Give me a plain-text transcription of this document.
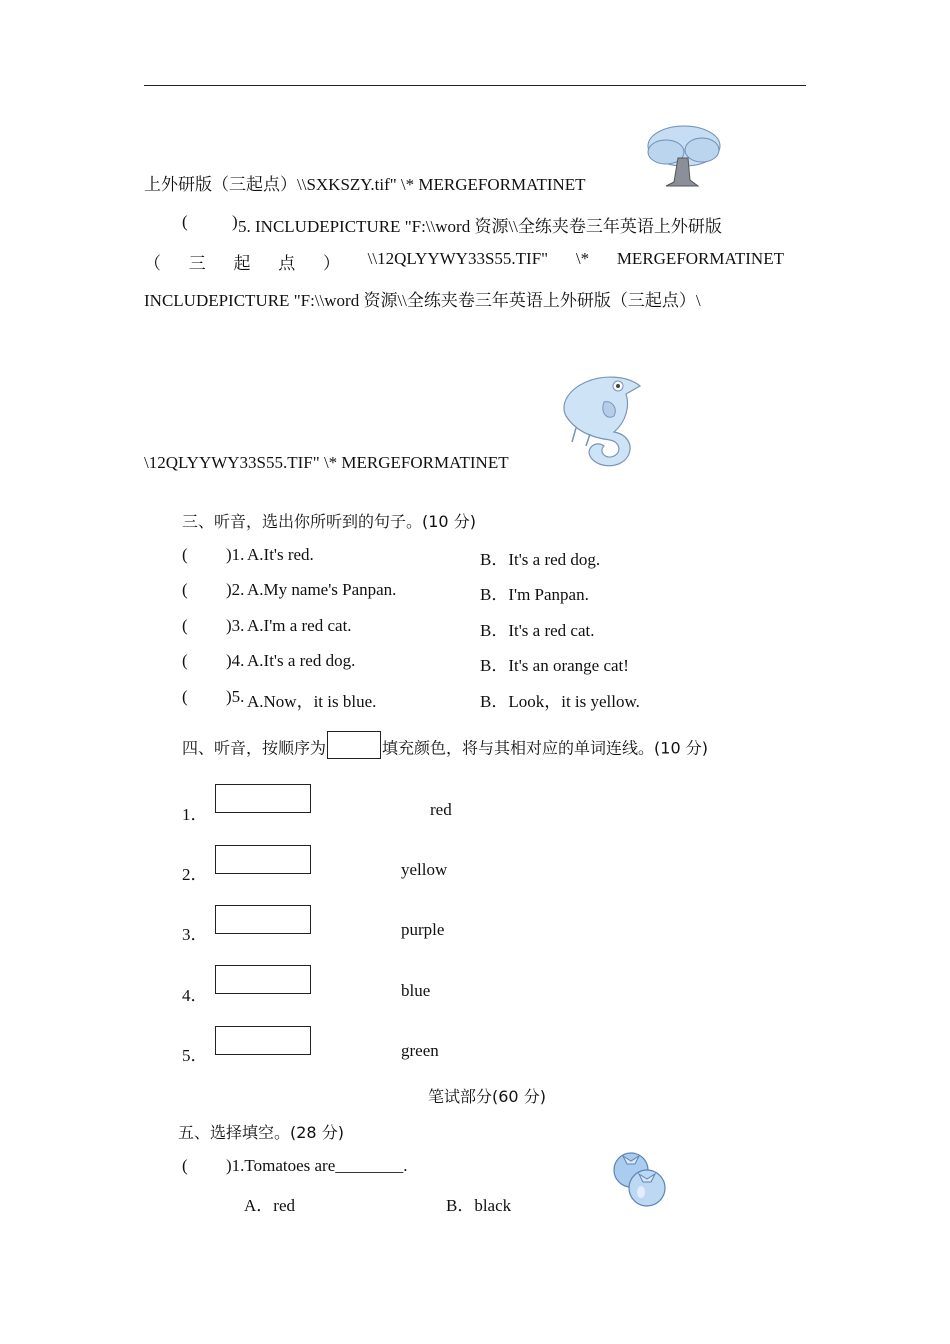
上外研版（三起点）\\SXKSZY.tif" \* MERGEFORMATINET
(	) 5. INCLUDEPICTURE "F:\\word 资源\\全练夹卷三年英语上外研版
（ 三 起 点 ） \\12QLYYWY33S55.TIF" \* MERGEFORMATINET
INCLUDEPICTURE "F:\\word 资源\\全练夹卷三年英语上外研版（三起点）\
\12QLYYWY33S55.TIF" \* MERGEFORMATINET
三、听音，选出你所听到的句子。(10 分)
( )1. A.It's red.	B．It's a red dog.
( )2. A.My name's Panpan.	B．I'm Panpan.
( )3. A.I'm a red cat.	B．It's a red cat.
( )4. A.It's a red dog.	B．It's an orange cat!
( )5. A.Now，it is blue.	B．Look，it is yellow.
四、听音，按顺序为	填充颜色，将与其相对应的单词连线。(10 分)
1．	red
2．	yellow
3．	purple
4．	blue
5．	green
笔试部分(60 分)
五、选择填空。(28 分)
( )1.Tomatoes are________.
A．red	B．black
